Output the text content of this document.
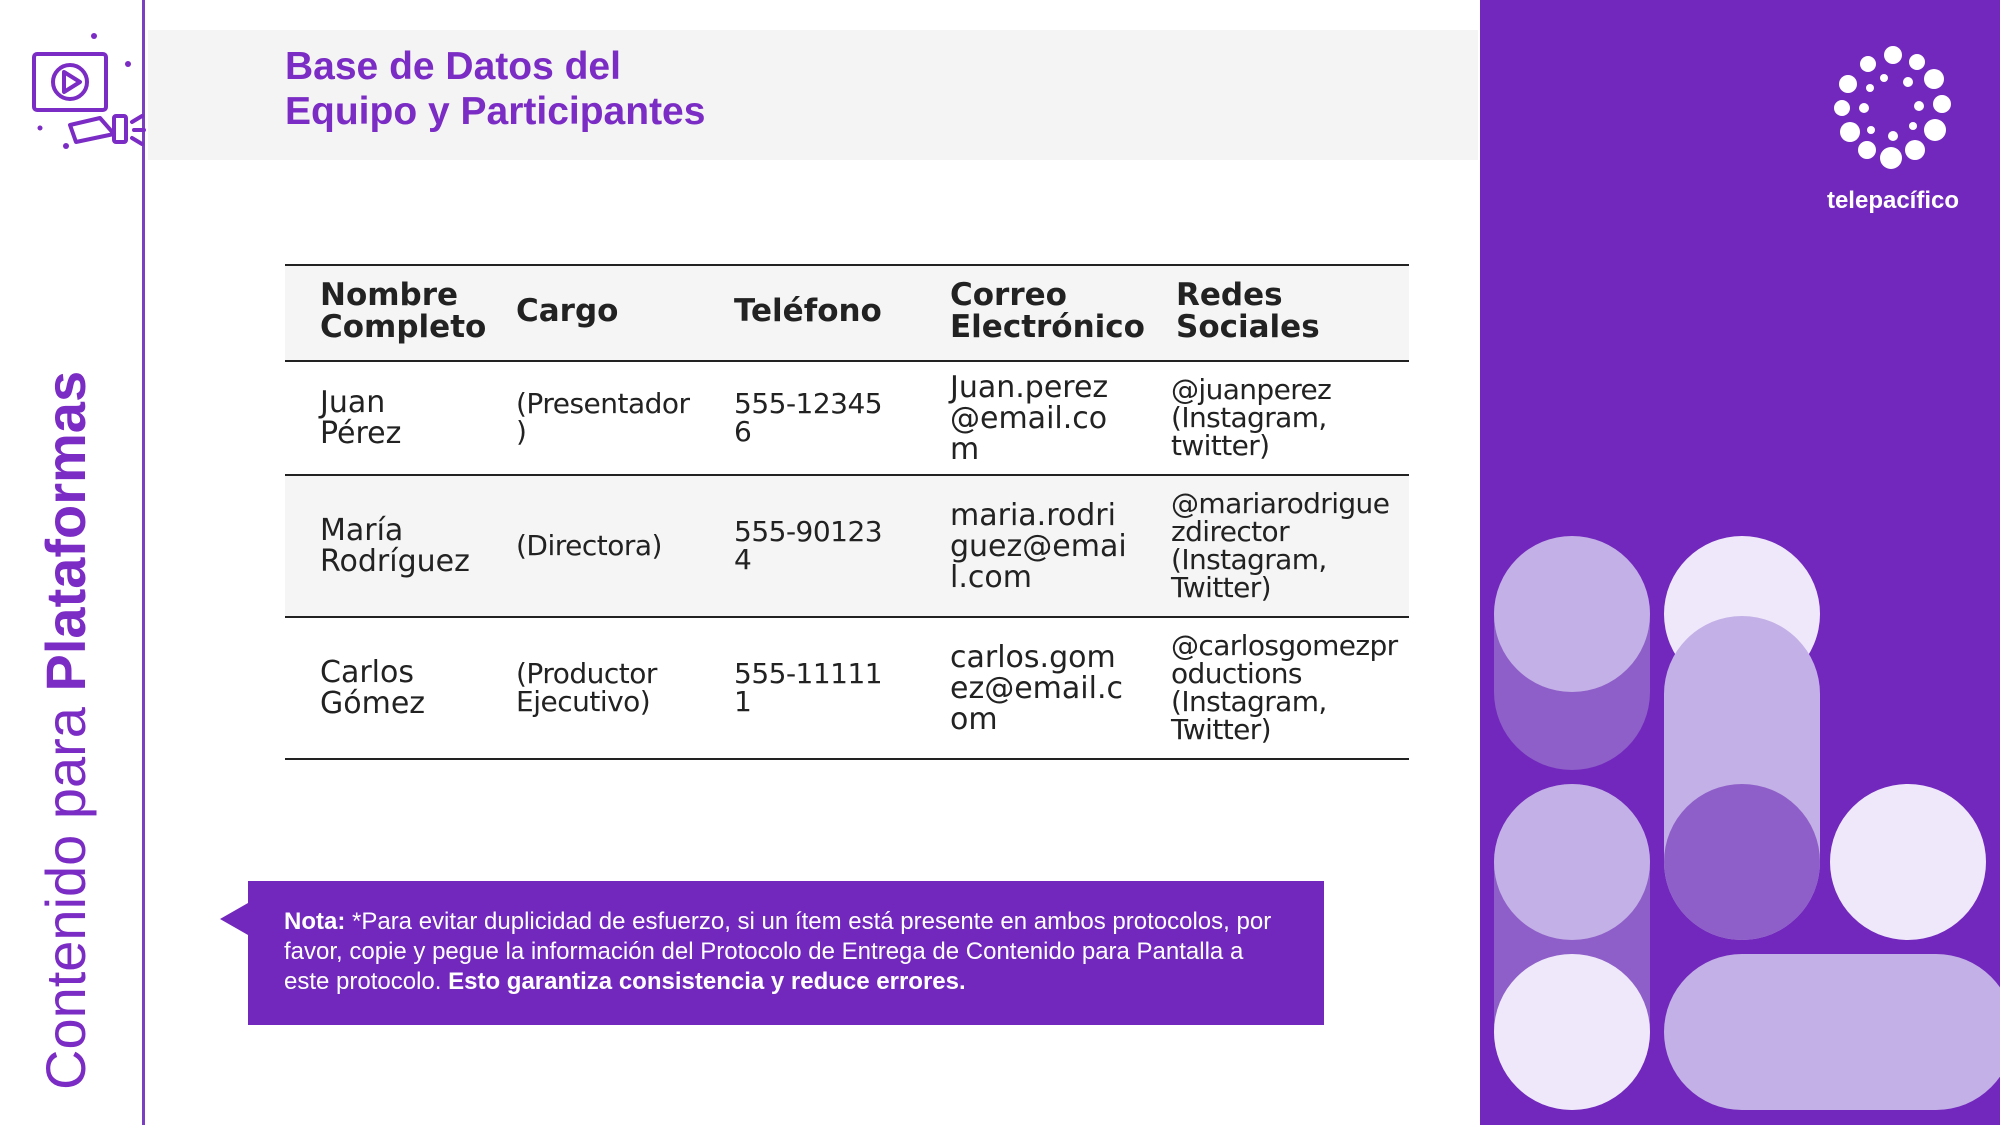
Contenido para Plataformas
Base de Datos del
Equipo y Participantes
Nombre Completo	Cargo	Teléfono	Correo Electrónico	Redes Sociales
Juan Pérez	(Presentador)	555-12345 6	Juan.perez@email.com	@juanperez (Instagram, twitter)
María Rodríguez	(Directora)	555-90123 4	maria.rodriguez@email.com	@mariarodriguezdirector (Instagram, Twitter)
Carlos Gómez	(Productor Ejecutivo)	555-11111 1	carlos.gomez@email.com	@carlosgomezproductions (Instagram, Twitter)
Nota: *Para evitar duplicidad de esfuerzo, si un ítem está presente en ambos protocolos, por favor, copie y pegue la información del Protocolo de Entrega de Contenido para Pantalla a este protocolo. Esto garantiza consistencia y reduce errores.
telepacífico
